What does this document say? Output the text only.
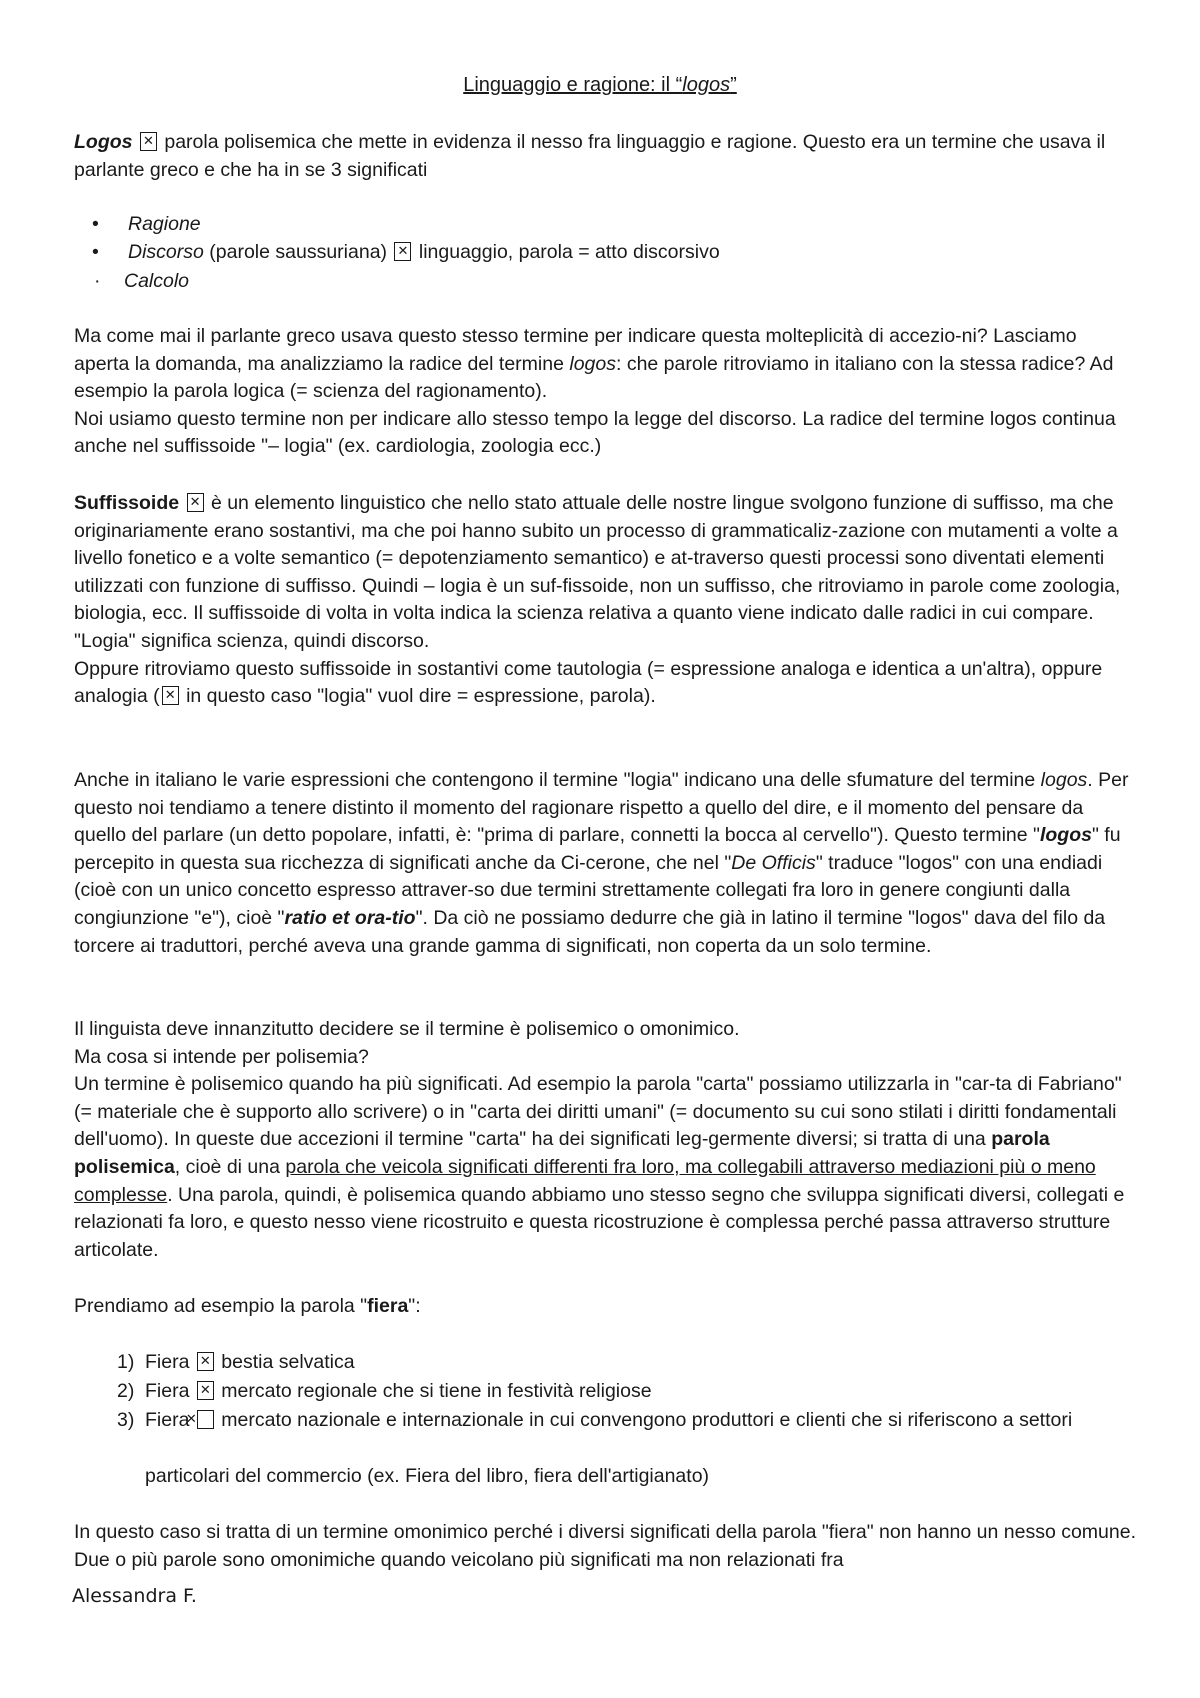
Linguaggio e ragione: il “logos”

Logos ✕ parola polisemica che mette in evidenza il nesso fra linguaggio e ragione. Questo era un termine che usava il parlante greco e che ha in se 3 significati

• Ragione

• Discorso (parole saussuriana) ✕ linguaggio, parola = atto discorsivo

· Calcolo

Ma come mai il parlante greco usava questo stesso termine per indicare questa molteplicità di accezio-ni? Lasciamo aperta la domanda, ma analizziamo la radice del termine logos: che parole ritroviamo in italiano con la stessa radice? Ad esempio la parola logica (= scienza del ragionamento).
Noi usiamo questo termine non per indicare allo stesso tempo la legge del discorso. La radice del termine logos continua anche nel suffissoide "– logia" (ex. cardiologia, zoologia ecc.)

Suffissoide ✕ è un elemento linguistico che nello stato attuale delle nostre lingue svolgono funzione di suffisso, ma che originariamente erano sostantivi, ma che poi hanno subito un processo di grammaticaliz-zazione con mutamenti a volte a livello fonetico e a volte semantico (= depotenziamento semantico) e at-traverso questi processi sono diventati elementi utilizzati con funzione di suffisso. Quindi – logia è un suf-fissoide, non un suffisso, che ritroviamo in parole come zoologia, biologia, ecc. Il suffissoide di volta in volta indica la scienza relativa a quanto viene indicato dalle radici in cui compare. "Logia" significa scienza, quindi discorso.
Oppure ritroviamo questo suffissoide in sostantivi come tautologia (= espressione analoga e identica a un'altra), oppure analogia (✕ in questo caso "logia" vuol dire = espressione, parola).

Anche in italiano le varie espressioni che contengono il termine "logia" indicano una delle sfumature del termine logos. Per questo noi tendiamo a tenere distinto il momento del ragionare rispetto a quello del dire, e il momento del pensare da quello del parlare (un detto popolare, infatti, è: "prima di parlare, connetti la bocca al cervello"). Questo termine "logos" fu percepito in questa sua ricchezza di significati anche da Ci-cerone, che nel "De Officis" traduce "logos" con una endiadi (cioè con un unico concetto espresso attraver-so due termini strettamente collegati fra loro in genere congiunti dalla congiunzione "e"), cioè "ratio et ora-tio". Da ciò ne possiamo dedurre che già in latino il termine "logos" dava del filo da torcere ai traduttori, perché aveva una grande gamma di significati, non coperta da un solo termine.

Il linguista deve innanzitutto decidere se il termine è polisemico o omonimico.
Ma cosa si intende per polisemia?
Un termine è polisemico quando ha più significati. Ad esempio la parola "carta" possiamo utilizzarla in "car-ta di Fabriano" (= materiale che è supporto allo scrivere) o in "carta dei diritti umani" (= documento su cui sono stilati i diritti fondamentali dell'uomo). In queste due accezioni il termine "carta" ha dei significati leg-germente diversi; si tratta di una parola polisemica, cioè di una parola che veicola significati differenti fra loro, ma collegabili attraverso mediazioni più o meno complesse. Una parola, quindi, è polisemica quando abbiamo uno stesso segno che sviluppa significati diversi, collegati e relazionati fa loro, e questo nesso viene ricostruito e questa ricostruzione è complessa perché passa attraverso strutture articolate.

Prendiamo ad esempio la parola "fiera":

1) Fiera ✕ bestia selvatica

2) Fiera ✕ mercato regionale che si tiene in festività religiose

3) Fiera ✕ mercato nazionale e internazionale in cui convengono produttori e clienti che si riferiscono a settori

particolari del commercio (ex. Fiera del libro, fiera dell'artigianato)

In questo caso si tratta di un termine omonimico perché i diversi significati della parola "fiera" non hanno un nesso comune. Due o più parole sono omonimiche quando veicolano più significati ma non relazionati fra

Alessandra F.
